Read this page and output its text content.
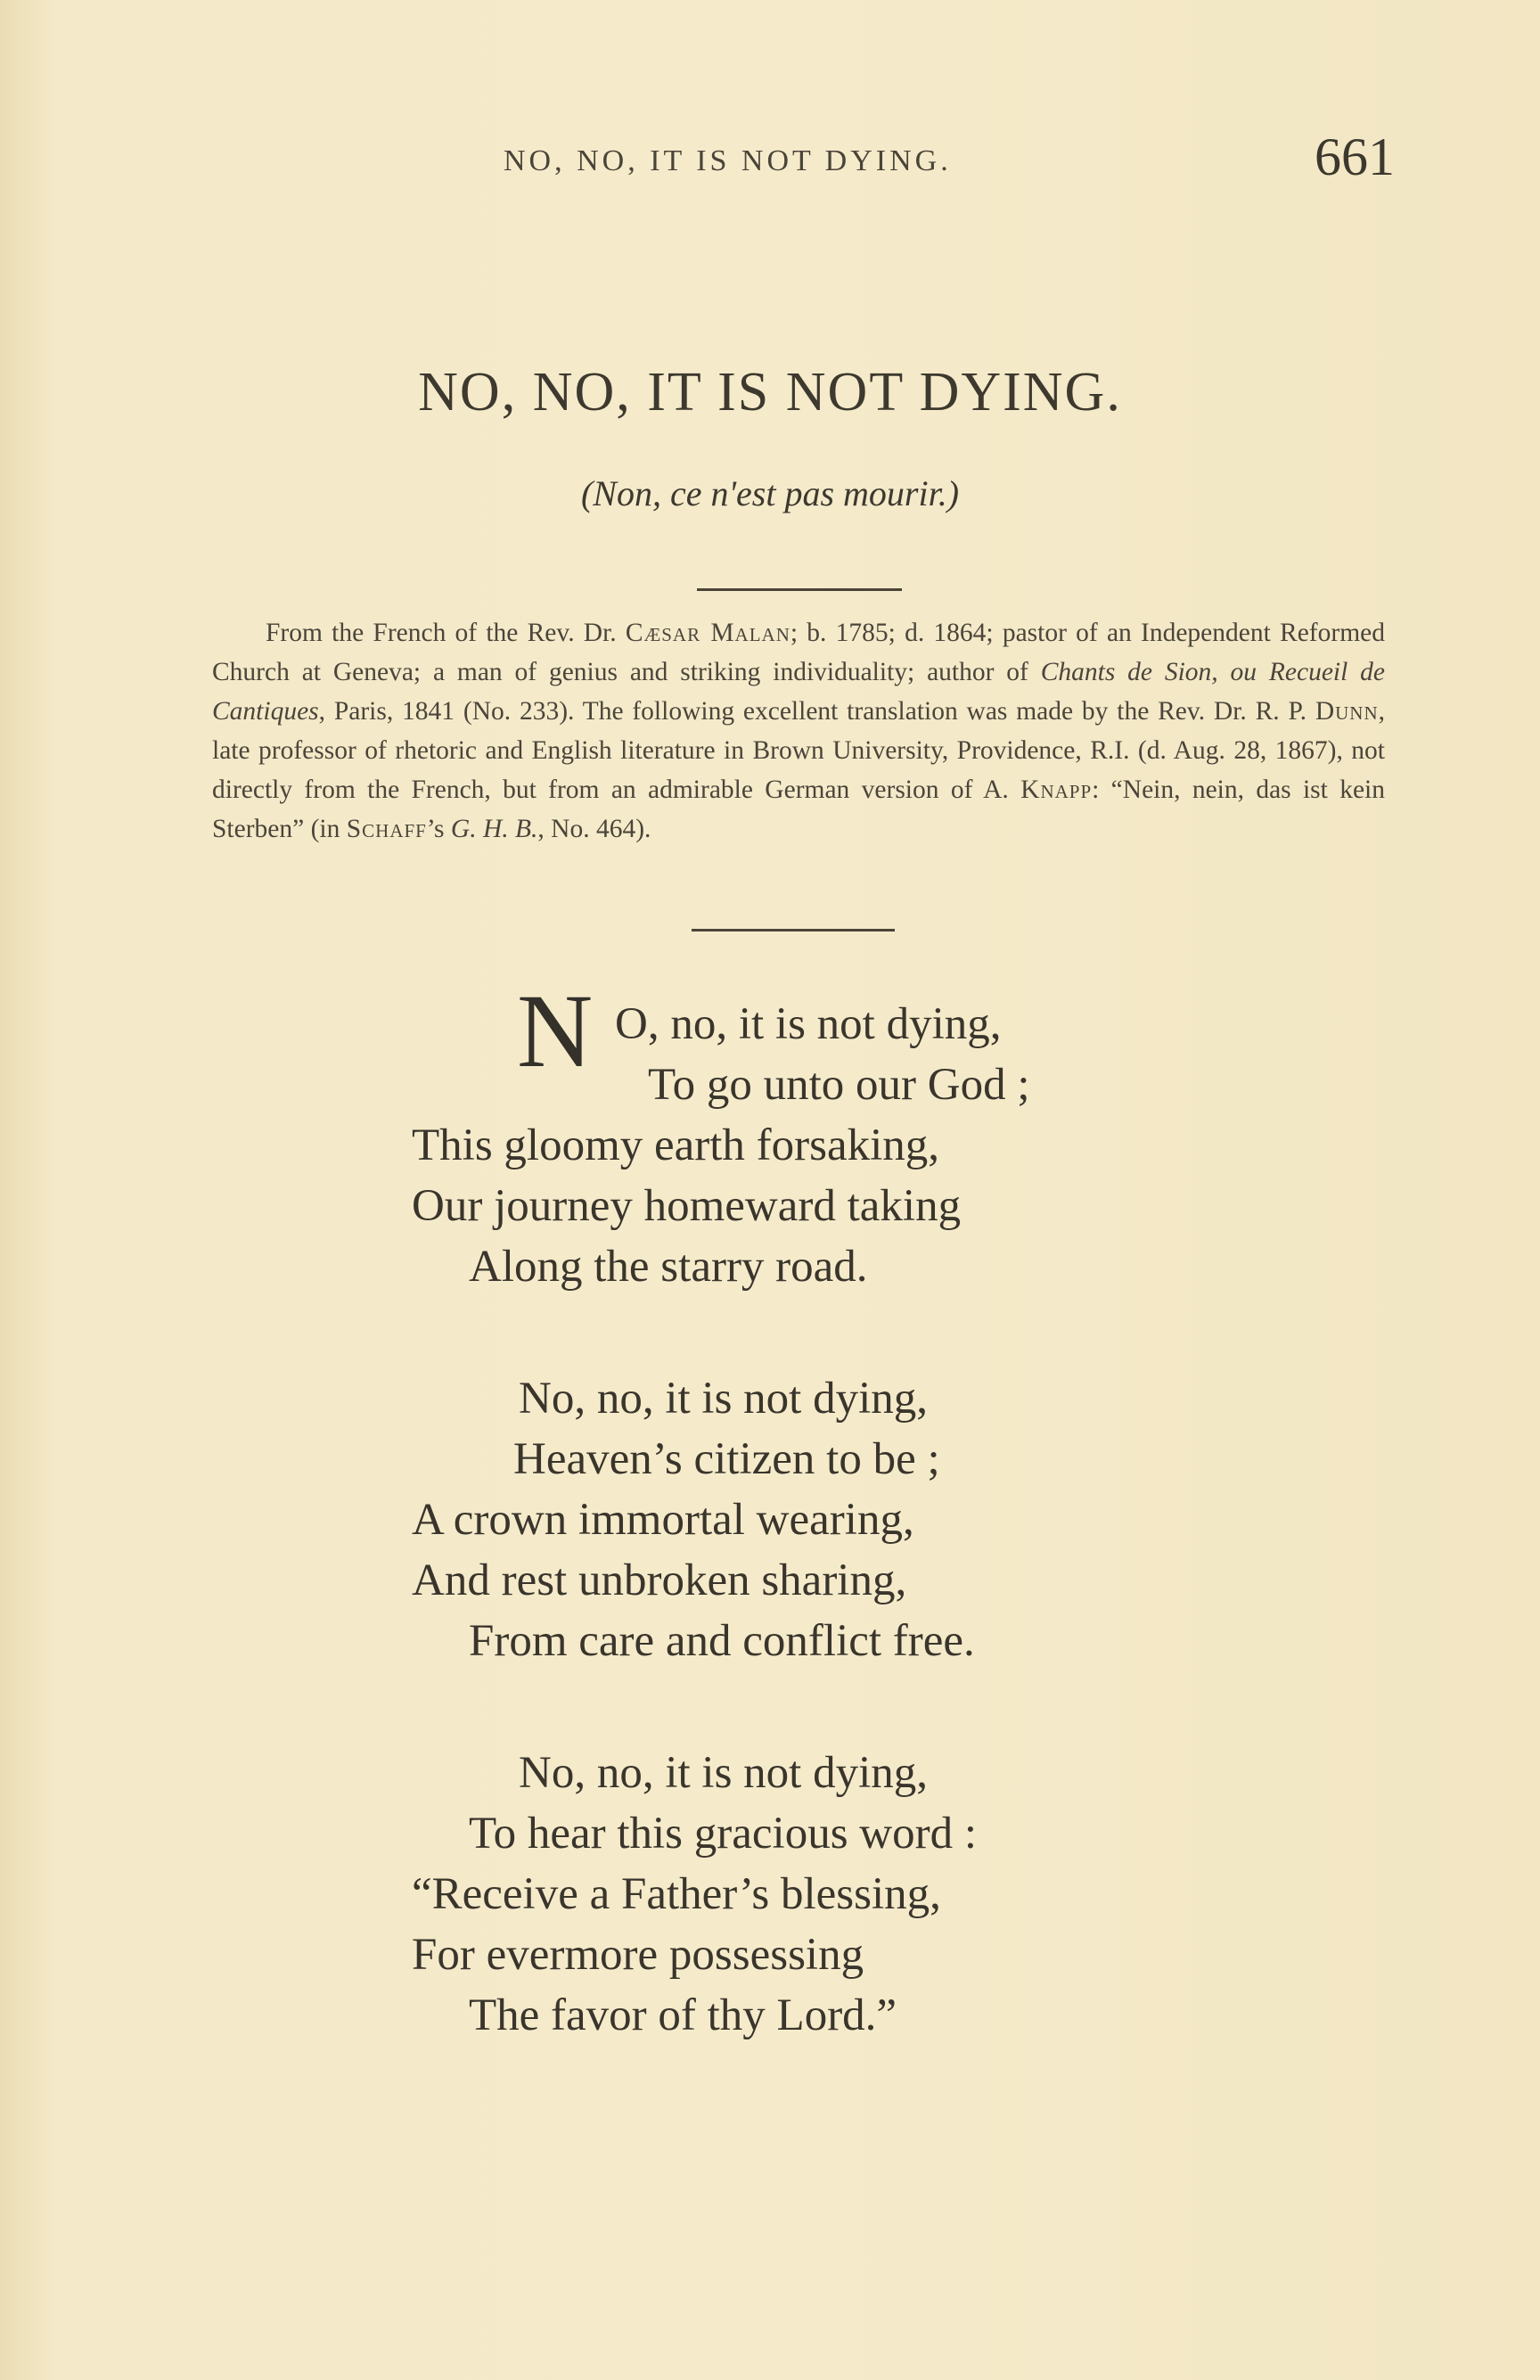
NO, NO, IT IS NOT DYING.	661
NO, NO, IT IS NOT DYING.
(Non, ce n'est pas mourir.)

From the French of the Rev. Dr. Cæsar Malan; b. 1785; d. 1864; pastor of an Independent Reformed Church at Geneva; a man of genius and striking individuality; author of Chants de Sion, ou Recueil de Cantiques, Paris, 1841 (No. 233). The following excellent translation was made by the Rev. Dr. R. P. Dunn, late professor of rhetoric and English literature in Brown University, Providence, R.I. (d. Aug. 28, 1867), not directly from the French, but from an admirable German version of A. Knapp: “Nein, nein, das ist kein Sterben” (in Schaff’s G. H. B., No. 464).

N O, no, it is not dying,
To go unto our God ;
This gloomy earth forsaking,
Our journey homeward taking
Along the starry road.
No, no, it is not dying,
Heaven’s citizen to be ;
A crown immortal wearing,
And rest unbroken sharing,
From care and conflict free.
No, no, it is not dying,
To hear this gracious word :
“Receive a Father’s blessing,
For evermore possessing
The favor of thy Lord.”
